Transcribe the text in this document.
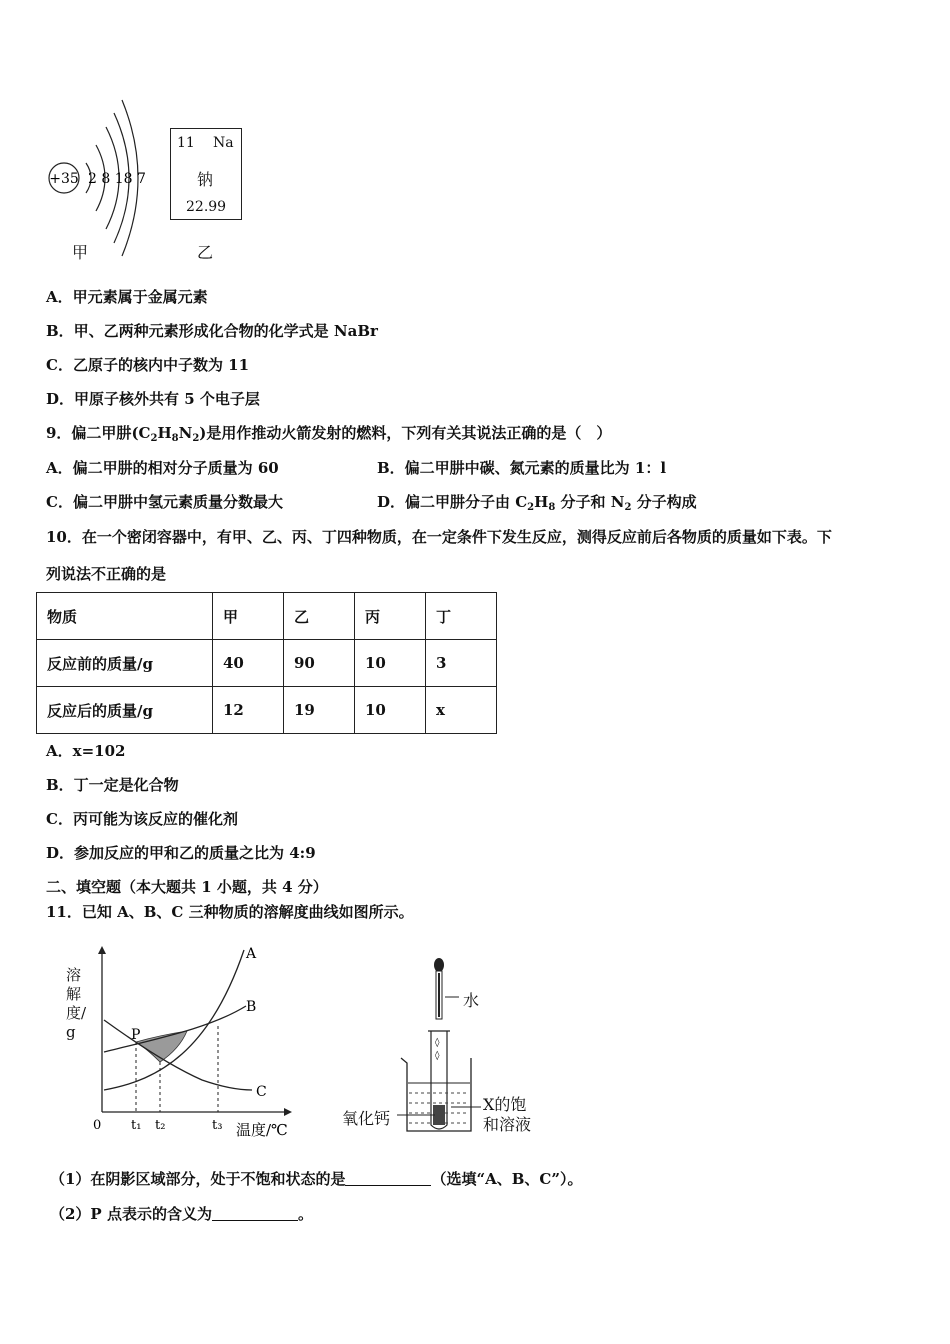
+35 2 8 18 7
甲
11 Na
钠
22.99
乙
A．甲元素属于金属元素
B．甲、乙两种元素形成化合物的化学式是 NaBr
C．乙原子的核内中子数为 11
D．甲原子核外共有 5 个电子层
9．偏二甲肼$(C_2H_8N_2)$是用作推动火箭发射的燃料，下列有关其说法正确的是（　）
A．偏二甲肼的相对分子质量为 60	B．偏二甲肼中碳、氮元素的质量比为 1：l
C．偏二甲肼中氢元素质量分数最大	D．偏二甲肼分子由 $C_2H_8$ 分子和 $N_2$ 分子构成
10．在一个密闭容器中，有甲、乙、丙、丁四种物质，在一定条件下发生反应，测得反应前后各物质的质量如下表。下
列说法不正确的是
物质	甲	乙	丙	丁
反应前的质量/g	40	90	10	3
反应后的质量/g	12	19	10	x
A．x=102
B．丁一定是化合物
C．丙可能为该反应的催化剂
D．参加反应的甲和乙的质量之比为 4:9
二、填空题（本大题共 1 小题，共 4 分）
11．已知 A、B、C 三种物质的溶解度曲线如图所示。
A
B
C
P
0 t₁ t₂	t₃ 温度/℃
溶解度/g
◊
◊
水
氧化钙
X的饱
和溶液
（1）在阴影区域部分，处于不饱和状态的是	（选填“A、B、C”）。
（2）P 点表示的含义为	。
